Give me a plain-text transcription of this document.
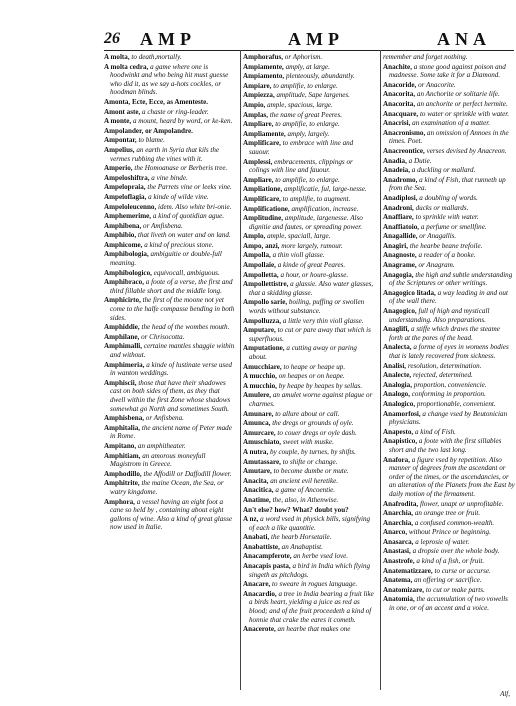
26 AMP	AMP	ANA
A molta, to death,mortally.
A molta cedra, a game where one is hoodwinkt and who being hit must guesse who did it, as we say a-hots cockles, or hoodman blinds.
Amonta, Ecte, Ecce, as Amenteste.
Amont aste, a chaste or ring-leader.
A monte, a mount, heard by word, or ke-ken.
Ampolander, or Ampolandre.
Ampontar, to blame.
Ampelius, an earth in Syria that kils the vermes rubbing the vines with it.
Amperio, the Homoanase or Berberis tree.
Ampeloshiftra, a vine binde.
Ampelopraia, the Parrets vine or leeks vine.
Ampeloflagia, a kinde of wilde vine.
Ampeloleucenno, idem. Also white bri-onie.
Amphemerime, a kind of quotidian ague.
Amphibena, or Amfisbena.
Amphibio, that liveth on water and on land.
Amphicome, a kind of precious stone.
Amphibologia, ambiguitie or double-full meaning.
Amphibologico, equivocall, ambiguous.
Amphibraco, a foote of a verse, the first and third fillable short and the middle long.
Amphicirto, the first of the moone not yet come to the halfe compasse bending in both sides.
Amphiddie, the head of the wombes mouth.
Amphilane, or Chrisocotta.
Amphimalli, certaine mantles shaggie within and without.
Amphimeria, a kinde of lustinate verse used in wanton weddings.
Amphiscii, those that have their shadowes cast on both sides of them, as they that dwell within the first Zone whose shadows somewhat go North and sometimes South.
Amphisbena, or Anfisbena.
Amphitalia, the ancient name of Peter made in Rome.
Ampitano, an amphitheater.
Amphitiam, an amorous moneyfull Magistrom in Greece.
Amphodillo, the Affodill or Daffodill flower.
Amphitrite, the maine Ocean, the Sea, or watry kingdome.
Amphora, a vessel having an eight foot a cane so held by , containing about eight gallons of wine. Also a kind of great glasse now used in Italie.
Amphorafus, or Aphorism.
Ampiamente, amply, at large.
Ampiamento, plenteously, abundantly.
Ampiare, to amplifie, to enlarge.
Ampiezza, amplitude, Sape largenes.
Ampio, ample, spacious, large.
Amplas, the name of great Peeres.
Ampliare, to amplifie, to enlarge.
Ampliamente, amply, largely.
Amplificare, to embrace with line and sauour.
Amplessi, embracements, clippings or colings with line and fauour.
Ampliare, to amplifie, to enlarge.
Ampliatione, amplificatie, ful, large-nesse.
Amplificare, to amplifie, to augment.
Amplificatione, amplification, increase.
Amplitudine, amplitude, largenesse. Also dignitie and fautes, or spreading power.
Amplo, ample, spaciall, large.
Ampo, anzi, more largely, rumour.
Ampolla, a thin violl glasse.
Ampollaie, a kinde of great Peares.
Ampolletta, a hour, or houre-glasse.
Ampollettistre, a glassie. Also water glasses, that a skidding glasse.
Ampollo sarie, boiling, puffing or swollen words without substance.
Ampolluzza, a little very thin violl glasse.
Amputare, to cut or pare away that which is superfluous.
Amputatione, a cutting away or paring about.
Amucchiare, to heape or heape up.
A mucchio, on heapes or on heape.
A mucchio, by heape by heapes by sellas.
Amulere, an amulet worne against plague or charmes.
Amunare, to allure about or call.
Amunca, the dregs or grounds of oyle.
Amurcare, to couer dregs or oyle dash.
Amuschiato, sweet with muske.
A nutra, by couple, by turnes, by shifts.
Amutassare, to shifte or change.
Amutare, to become dumbe or mute.
Anacita, an ancient evil heretike.
Anacitica, a game of Ancoentie.
Anatime, the, also, in Athenwise.
An't else? how? What? doubt you?
A nz, a word vsed in physick bills, signifying of each a like quantitie.
Anabati, the hearb Horsetaile.
Anabattiste, an Anabaptist.
Anacampferote, an herbe vsed love.
Anacapis pasta, a bird in India which flying singeth as pitchdogs.
Anacare, to sweare in rogues language.
Anacardio, a tree in India bearing a fruit like a birds heart, yielding a juice as red as blood; and of the fruit proceedeth a kind of honnie that crake the eares it cometh.
Anacerote, an hearbe that makes one
remember and forget nothing.
Anachite, a stone good against poison and madnesse. Some take it for a Diamond.
Anacoride, or Anacorite.
Anacorita, an Anchorite or solitarie life.
Anacorita, an anchorite or perfect hermite.
Anacquare, to water or sprinkle with water.
Anacrisi, an examination of a matter.
Anacronismo, an omission of Annoes in the times. Poet.
Anacreontice, verses devised by Anacreon.
Anadia, a Dutie.
Anadeia, a duckling or mallard.
Anadromo, a kind of Fish, that runneth up from the Sea.
Anadiplosi, a doubling of words.
Anadroni, ducks or mallards.
Anaffiare, to sprinkle with water.
Anaffiatoio, a perfume or smellfine.
Anagallide, or Anagallis.
Anagiri, the hearbe beane trefoile.
Anagnoste, a reader of a booke.
Anagrame, or Anagram.
Anagogia, the high and subtle understanding of the Scriptures or other writings.
Anagogico litada, a way leading in and out of the wall there.
Anagogico, full of high and mysticall understanding. Also preparations.
Anaglifi, a stiffe which draws the steame forth at the pores of the head.
Analecta, a forme of eyes in womens bodies that is lately recovered from sickness.
Analisi, resolution, determination.
Analecte, rejected, determined.
Analogia, proportion, conveniencie.
Analogo, conforming in proportion.
Analogico, proportionable, convenient.
Anamorfosi, a change vsed by Beutonician physicians.
Anapesto, a kind of Fish.
Anapistico, a foote with the first sillables short and the two last long.
Anafora, a figure vsed by repetition. Also manner of degrees from the ascendant or order of the times, or the ascendancies, or an alteration of the Planets from the East by daily motion of the firmament.
Anafrodita, flower, unapt or unprofitable.
Anarchia, an orange tree or fruit.
Anarchia, a confused common-wealth.
Anarco, without Prince or beginning.
Anasarca, a leprosie of water.
Anastasi, a dropsie over the whole body.
Anastrofe, a kind of a fish, or fruit.
Anatematizzare, to curse or accurse.
Anatema, an offering or sacrifice.
Anatomizare, to cut or make parts.
Anatomia, the accumulation of two vowells in one, or of an accent and a voice.
Alf,
